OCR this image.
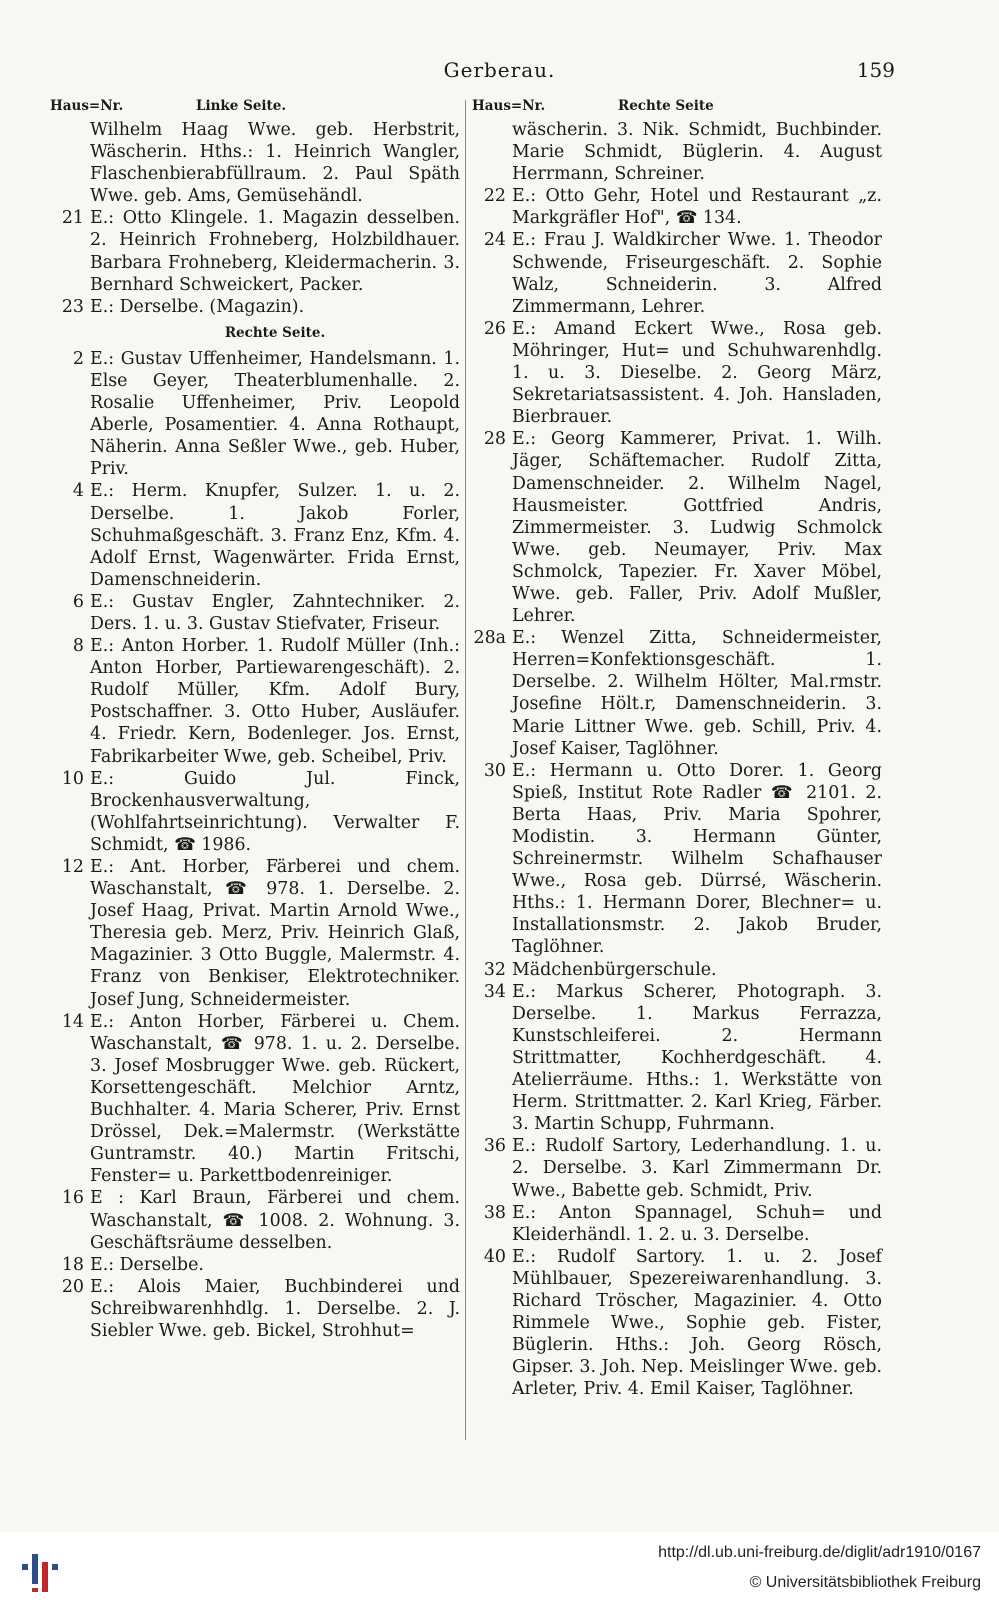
Gerberau.	159
Haus=Nr.	Linke Seite.
Wilhelm Haag Wwe. geb. Herbstrit, Wäscherin. Hths.: 1. Heinrich Wangler, Flaschenbierabfüllraum. 2. Paul Späth Wwe. geb. Ams, Gemüsehändl.
21 E.: Otto Klingele. 1. Magazin desselben. 2. Heinrich Frohneberg, Holzbildhauer. Barbara Frohneberg, Kleidermacherin. 3. Bernhard Schweickert, Packer.
23 E.: Derselbe. (Magazin).
Rechte Seite.
2 E.: Gustav Uffenheimer, Handelsmann. 1. Else Geyer, Theaterblumenhalle. 2. Rosalie Uffenheimer, Priv. Leopold Aberle, Posamentier. 4. Anna Rothaupt, Näherin. Anna Seßler Wwe., geb. Huber, Priv.
4 E.: Herm. Knupfer, Sulzer. 1. u. 2. Derselbe. 1. Jakob Forler, Schuhmaßgeschäft. 3. Franz Enz, Kfm. 4. Adolf Ernst, Wagenwärter. Frida Ernst, Damenschneiderin.
6 E.: Gustav Engler, Zahntechniker. 2. Ders. 1. u. 3. Gustav Stiefvater, Friseur.
8 E.: Anton Horber. 1. Rudolf Müller (Inh.: Anton Horber, Partiewarengeschäft). 2. Rudolf Müller, Kfm. Adolf Bury, Postschaffner. 3. Otto Huber, Ausläufer. 4. Friedr. Kern, Bodenleger. Jos. Ernst, Fabrikarbeiter Wwe, geb. Scheibel, Priv.
10 E.: Guido Jul. Finck, Brockenhausverwaltung, (Wohlfahrtseinrichtung). Verwalter F. Schmidt, ☎ 1986.
12 E.: Ant. Horber, Färberei und chem. Waschanstalt, ☎ 978. 1. Derselbe. 2. Josef Haag, Privat. Martin Arnold Wwe., Theresia geb. Merz, Priv. Heinrich Glaß, Magazinier. 3 Otto Buggle, Malermstr. 4. Franz von Benkiser, Elektrotechniker. Josef Jung, Schneidermeister.
14 E.: Anton Horber, Färberei u. Chem. Waschanstalt, ☎ 978. 1. u. 2. Derselbe. 3. Josef Mosbrugger Wwe. geb. Rückert, Korsettengeschäft. Melchior Arntz, Buchhalter. 4. Maria Scherer, Priv. Ernst Drössel, Dek.=Malermstr. (Werkstätte Guntramstr. 40.) Martin Fritschi, Fenster= u. Parkettbodenreiniger.
16 E : Karl Braun, Färberei und chem. Waschanstalt, ☎ 1008. 2. Wohnung. 3. Geschäftsräume desselben.
18 E.: Derselbe.
20 E.: Alois Maier, Buchbinderei und Schreibwarenhhdlg. 1. Derselbe. 2. J. Siebler Wwe. geb. Bickel, Strohhut=
Haus=Nr.	Rechte Seite
wäscherin. 3. Nik. Schmidt, Buchbinder. Marie Schmidt, Büglerin. 4. August Herrmann, Schreiner.
22 E.: Otto Gehr, Hotel und Restaurant „z. Markgräfler Hof", ☎ 134.
24 E.: Frau J. Waldkircher Wwe. 1. Theodor Schwende, Friseurgeschäft. 2. Sophie Walz, Schneiderin. 3. Alfred Zimmermann, Lehrer.
26 E.: Amand Eckert Wwe., Rosa geb. Möhringer, Hut= und Schuhwarenhdlg. 1. u. 3. Dieselbe. 2. Georg März, Sekretariatsassistent. 4. Joh. Hansladen, Bierbrauer.
28 E.: Georg Kammerer, Privat. 1. Wilh. Jäger, Schäftemacher. Rudolf Zitta, Damenschneider. 2. Wilhelm Nagel, Hausmeister. Gottfried Andris, Zimmermeister. 3. Ludwig Schmolck Wwe. geb. Neumayer, Priv. Max Schmolck, Tapezier. Fr. Xaver Möbel, Wwe. geb. Faller, Priv. Adolf Mußler, Lehrer.
28a E.: Wenzel Zitta, Schneidermeister, Herren=Konfektionsgeschäft. 1. Derselbe. 2. Wilhelm Hölter, Mal.rmstr. Josefine Hölt.r, Damenschneiderin. 3. Marie Littner Wwe. geb. Schill, Priv. 4. Josef Kaiser, Taglöhner.
30 E.: Hermann u. Otto Dorer. 1. Georg Spieß, Institut Rote Radler ☎ 2101. 2. Berta Haas, Priv. Maria Spohrer, Modistin. 3. Hermann Günter, Schreinermstr. Wilhelm Schafhauser Wwe., Rosa geb. Dürrsé, Wäscherin. Hths.: 1. Hermann Dorer, Blechner= u. Installationsmstr. 2. Jakob Bruder, Taglöhner.
32 Mädchenbürgerschule.
34 E.: Markus Scherer, Photograph. 3. Derselbe. 1. Markus Ferrazza, Kunstschleiferei. 2. Hermann Strittmatter, Kochherdgeschäft. 4. Atelierräume. Hths.: 1. Werkstätte von Herm. Strittmatter. 2. Karl Krieg, Färber. 3. Martin Schupp, Fuhrmann.
36 E.: Rudolf Sartory, Lederhandlung. 1. u. 2. Derselbe. 3. Karl Zimmermann Dr. Wwe., Babette geb. Schmidt, Priv.
38 E.: Anton Spannagel, Schuh= und Kleiderhändl. 1. 2. u. 3. Derselbe.
40 E.: Rudolf Sartory. 1. u. 2. Josef Mühlbauer, Spezereiwarenhandlung. 3. Richard Tröscher, Magazinier. 4. Otto Rimmele Wwe., Sophie geb. Fister, Büglerin. Hths.: Joh. Georg Rösch, Gipser. 3. Joh. Nep. Meislinger Wwe. geb. Arleter, Priv. 4. Emil Kaiser, Taglöhner.
http://dl.ub.uni-freiburg.de/diglit/adr1910/0167
© Universitätsbibliothek Freiburg
